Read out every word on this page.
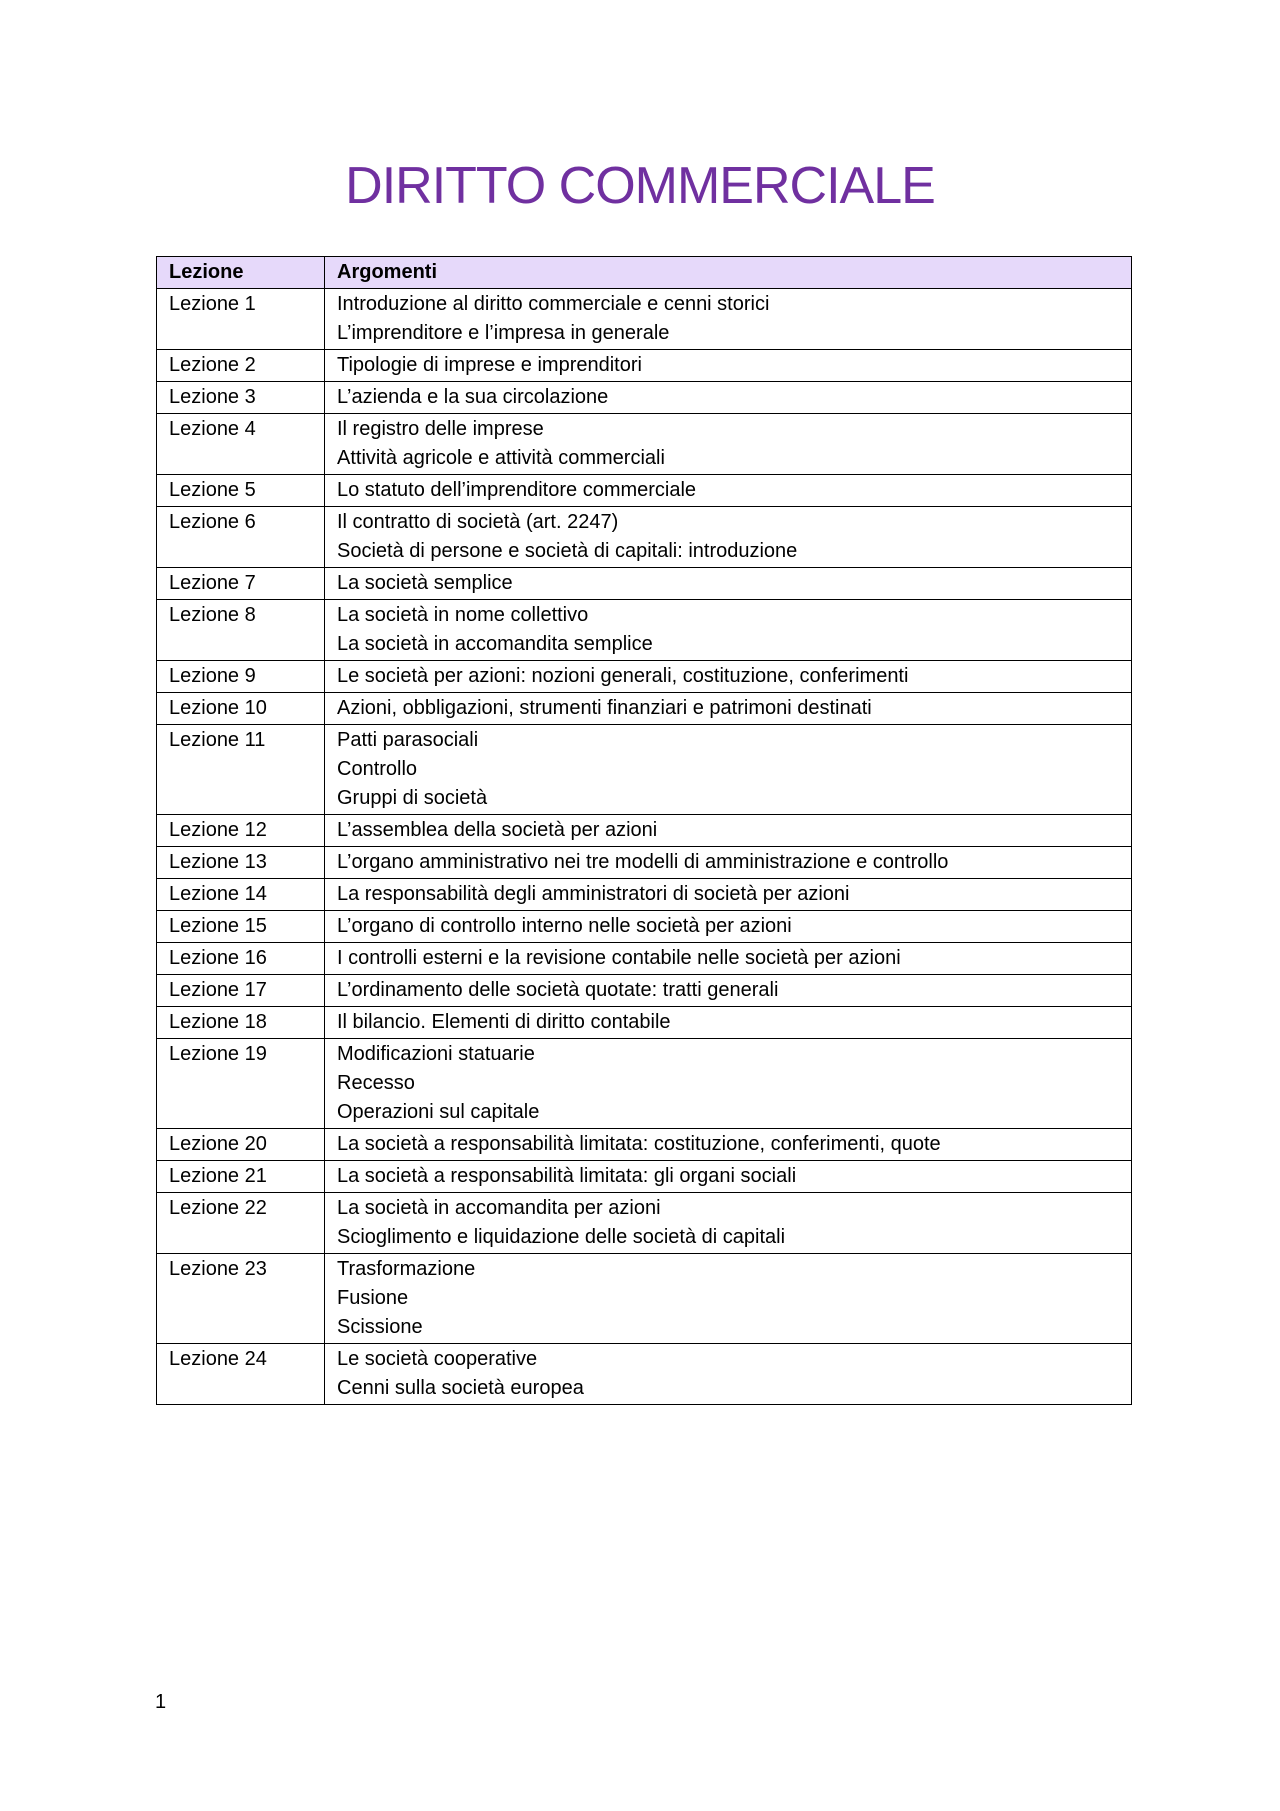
DIRITTO COMMERCIALE
Lezione	Argomenti
Lezione 1	Introduzione al diritto commerciale e cenni storici
L’imprenditore e l’impresa in generale

Lezione 2	Tipologie di imprese e imprenditori

Lezione 3	L’azienda e la sua circolazione

Lezione 4	Il registro delle imprese
Attività agricole e attività commerciali

Lezione 5	Lo statuto dell’imprenditore commerciale

Lezione 6	Il contratto di società (art. 2247)
Società di persone e società di capitali: introduzione

Lezione 7	La società semplice

Lezione 8	La società in nome collettivo
La società in accomandita semplice

Lezione 9	Le società per azioni: nozioni generali, costituzione, conferimenti

Lezione 10	Azioni, obbligazioni, strumenti finanziari e patrimoni destinati

Lezione 11	Patti parasociali
Controllo
Gruppi di società

Lezione 12	L’assemblea della società per azioni

Lezione 13	L’organo amministrativo nei tre modelli di amministrazione e controllo

Lezione 14	La responsabilità degli amministratori di società per azioni

Lezione 15	L’organo di controllo interno nelle società per azioni

Lezione 16	I controlli esterni e la revisione contabile nelle società per azioni

Lezione 17	L’ordinamento delle società quotate: tratti generali

Lezione 18	Il bilancio. Elementi di diritto contabile

Lezione 19	Modificazioni statuarie
Recesso
Operazioni sul capitale

Lezione 20	La società a responsabilità limitata: costituzione, conferimenti, quote

Lezione 21	La società a responsabilità limitata: gli organi sociali

Lezione 22	La società in accomandita per azioni
Scioglimento e liquidazione delle società di capitali

Lezione 23	Trasformazione
Fusione
Scissione

Lezione 24	Le società cooperative
Cenni sulla società europea
1
